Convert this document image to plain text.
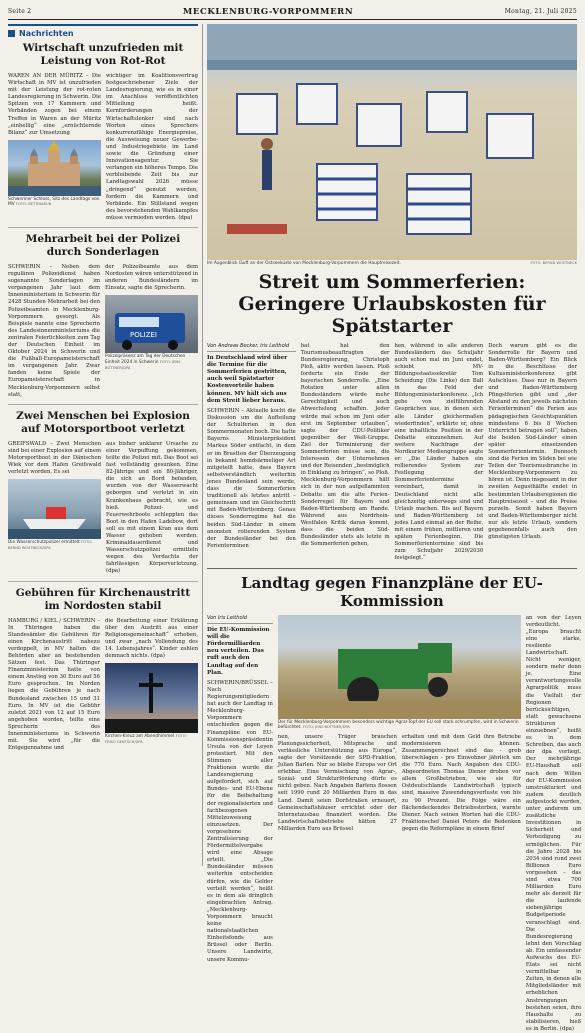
Seite 2	MECKLENBURG-VORPOMMERN	Montag, 21. Juli 2025
Nachrichten
Wirtschaft unzufrieden mit Leistung von Rot-Rot

WAREN AN DER MÜRITZ – Die Wirtschaft in MV ist unzufrieden mit der Leistung der rot-roten Landesregierung in Schwerin. Die Spitzen von 17 Kammern und Verbänden zogen bei einem Treffen in Waren an der Müritz „einhellig“ eine „ernüchternde Bilanz“ zur Umsetzung

Schweriner Schloss, Sitz des Landtags von MV FOTO: BETTINABUN

wichtiger im Koalitionsvertrag festgeschriebener Ziele der Landesregierung, wie es in einer im Anschluss veröffentlichten Mitteilung heißt. Kernforderungen der Wirtschaftslenker sind nach Worten eines Sprechers konkurrenzfähige Energiepreise, die Ausweisung neuer Gewerbe- und Industriegebiete im Land sowie die Gründung einer Innovationsagentur. Sie verlangen ein höheres Tempo. Die verbleibende Zeit bis zur Landtagswahl 2026 müsse „dringend“ genutzt werden, fordern die Kammern und Verbände. Ein Stillstand wegen des bevorstehenden Wahlkampfes müsse vermieden werden. (dpa)

Mehrarbeit bei der Polizei durch Sonderlagen

SCHWERIN – Neben dem regulären Polizeidienst haben sogenannte Sonderlagen im vergangenen Jahr laut dem Innenministerium in Schwerin für 2428 Stunden Mehrarbeit bei den Polizeibeamten in Mecklenburg-Vorpommern gesorgt. Als Beispiele nannte eine Sprecherin des Landesinnenministeriums die zentralen Feierlichkeiten zum Tag der Deutschen Einheit im Oktober 2024 in Schwerin und die Fußball-Europameisterschaft im vergangenen Jahr. Zwar fanden keine Spiele der Europameisterschaft in Mecklenburg-Vorpommern selbst statt,

der Polizeibeamte aus dem Nordosten wären unterstützend in anderen Bundesländern im Einsatz, sagte die Sprecherin.

POLIZEI
Polizeipräsenz am Tag der Deutschen Einheit 2024 in Schwerin FOTO: JENS BÜTTNER/DPA
Zwei Menschen bei Explosion auf Motorsportboot verletzt

GREIFSWALD – Zwei Menschen sind bei einer Explosion auf einem Motorsportboot in der Dänischen Wiek vor dem Hafen Greifswald verletzt worden. Es sei

Die Wasserschutzpolizei ermittelt FOTO: BERND WÜSTNECK/DPA

aus bisher unklarer Ursache zu einer Verpuffung gekommen, teilte die Polizei mit. Das Boot sei fast vollständig gesunken. Eine 82-Jährige und ein 80-Jähriger, die sich an Bord befanden, wurden von der Wasserwacht geborgen und verletzt in ein Krankenhaus gebracht, wie es hieß. Polizei- und Feuerwehrboote schleppten das Boot in den Hafen Ladebow, dort soll es mit einem Kran aus dem Wasser gehoben werden. Kriminaldauerdienst und Wasserschutzpolizei ermitteln wegen des Verdachts der fahrlässigen Körperverletzung. (dpa)

Gebühren für Kirchenaustritt im Nordosten stabil

HAMBURG / KIEL / SCHWERIN – In Thüringen haben die Standesämter die Gebühren für einen Kirchenaustritt nahezu verdoppelt, in MV halten die Behörden aber an bestehenden Sätzen fest. Das Thüringer Finanzministerium hatte von einem Anstieg von 30 Euro auf 56 Euro gesprochen. Im Norden liegen die Gebühren je nach Bundesland zwischen 15 und 31 Euro. In MV ist die Gebühr zuletzt 2021 von 12 auf 15 Euro angehoben worden, teilte eine Sprecherin des Innenministeriums in Schwerin mit. Sie wird „für die Entgegennahme und

die Bearbeitung einer Erklärung über den Austritt aus einer Religionsgemeinschaft“ erhoben, und zwar „nach Vollendung des 14. Lebensjahres“. Kinder zahlen demnach nichts. (dpa)

Kirchen-Kreuz am Abendhimmel FOTO: FRISO GENTSCH/DPA
Im Augenblick läuft an der Ostseeküste von Mecklenburg-Vorpommern die Hauptreisezeit.	FOTO: BERND WÜSTNECK
Streit um Sommerferien: Geringere Urlaubskosten für Spätstarter
Von Andreas Becker, Iris Leithold

In Deutschland wird über die Termine für die Sommerferien gestritten, auch weil Spätstarter Kostenvorteile haben können. MV hält sich aus dem Streit lieber heraus.

SCHWERIN – Aktuelle kocht die Diskussion um die Aufteilung der Schulferien in den Sommermonaten hoch. Die hatte Bayerns Ministerpräsident Markus Söder entfacht, in dem er im Brustton der Überzeugung in bekannt hemdsärmeliger Art mitgeteilt hatte, dass Bayern selbstverständlich weiterhin jenes Bundesland sein werde, dass die Sommerferien traditionell als letztes antritt – gemeinsam und im Gleichschritt mit Baden-Württemberg. Genau dieses Sonderregime hat die beiden Süd-Länder in einem anonsten rotierenden System der Bundesländer bei den Ferienterminen

hat hat den Tourismusbeauftragten der Bundesregierung, Christoph Ploß, aktiv werden lassen. Ploß forderte ein Ende der bayerischen Sonderrolle. „Eine Rotation unter allen Bundesländern würde mehr Gerechtigkeit und auch Abwechslung schaffen. Jeder würde mal schon im Juni oder erst im September urlauben“, sagte der CDU-Politiker gegenüber der Welt-Gruppe. Ziel der Terminierung der Sommerferien müsse sein, die Interessen der Unternehmen und der Reisenden „bestmöglich in Einklang zu bringen“, so Ploß. Mecklenburg-Vorpommern hält sich in der nun aufgeflammten Debatte um die alte Ferien-Sonderregel für Bayern und Baden-Württemberg am Rande. Während aus Nordrhein-Westfalen Kritik daran kommt, dass die beiden Süd-Bundesländer stets als letzte in die Sommerferien gehen,

hen, während in alle anderen Bundesländern das Schuljahr auch schon mal im Juni endet, schiebt MV-Bildungsstaatssekretär Tom Scheidung (Die Linke) den Ball in das Feld der Bildungsministerkonferenz. „Ich gehe von zielführenden Gesprächen aus, in denen sich alle Länder gleichermaßen wiederfinden“, erklärte er, ohne eine inhaltliche Position in der Debatte einzunehmen. Auf weitere Nachfrage der Nordkurier Mediengruppe sagte er: „Die Länder haben ein rollierendes System zur Festlegung der Sommerferientermine vereinbart, damit in Deutschland nicht alle gleichzeitig unterwegs sind und Urlaub machen. Bis auf Bayern und Baden-Württemberg ist jedes Land einmal an der Reihe, mit einem frühen, mittleren und späten Ferienbeginn. Die Sommerferientermine sind bis zum Schuljahr 2029/2030 festgelegt.“

Doch warum gibt es die Sonderrolle für Bayern und Baden-Württemberg? Ein Blick in die Beschlüsse der Kultusministerkonferenz gibt Aufschluss. Dass nur in Bayern und Baden-Württemberg Pfingstferien gibt und „der Abstand zu den jeweils nächsten Ferienterminen“ die Ferien aus pädagogischen Gesichtspunkten mindestens 6 bis 8 Wochen Unterricht betragen soll“, haben die beiden Süd-Länder einen später einsetzenden Sommerferientermin. Dennoch sind die Ferien im Süden bei wie Teilen der Tourismusbranche in Mecklenburg-Vorpommern zu hören ist. Denn insgesamt in der zweiten Augusthälfte endet in bestimmten Urlaubsregionen die Hauptreisezeit – und die Preise purzeln. Somit haben Bayern und Baden-Württemberger nicht nur als letzte Urlaub, sondern gegebenenfalls auch den günstigsten Urlaub.

Landtag gegen Finanzpläne der EU-Kommission
Von Iris Leithold

Die EU-Kommission will die Fördermilliarden neu verteilen. Das ruft auch den Landtag auf den Plan.

SCHWERIN/BRÜSSEL – Nach Regierungsmitgliedern hat auch der Landtag in Mecklenburg-Vorpommern entschieden gegen die Finanzpläne von EU-Kommissionspräsidentin Ursula von der Leyen protestiert. Mit den Stimmen aller Fraktionen wurde die Landesregierung aufgefordert, sich auf Bundes- und EU-Ebene für die Beibehaltung der regionalisierten und fachbezogenen Mittelzuweisung einzusetzen. Der vorgesehene Zentralisierung der Fördermittelvergabe wird eine Absage erteilt. „Die Bundesländer müssen weiterhin entscheiden dürfen, wie die Gelder verteilt werden“, heißt es in dem als dringlich eingebrachten Antrag. „Mecklenburg-Vorpommern braucht keine nationalstaatlichen Einheitsfonds aus Brüssel oder Berlin. Unsere Landwirte, unsere Kommu-

Der für Mecklenburg-Vorpommern besonders wichtige Agrar-Topf der EU soll stark schrumpfen, wird in Schwerin befürchtet. FOTO: JENS BÜTTNER/DPA

nen, unsere Träger brauchen Planungssicherheit, Mitsprache und verlässliche Unterstützung aus Europa“, sagte der Vorsitzende der SPD-Fraktion, Julian Barlen. Nur so bliebe Europa vor Ort erlebbar. Eine Vermischung von Agrar-, Sozial- und Strukturförderung dürfe es nicht geben. Nach Angaben Barlens flossen seit 1990 rund 20 Milliarden Euro in das Land. Damit seien Dorfstraßen erneuert, Gemeinschaftshäuser errichtet oder der Internetausbau finanziert worden. Die Landwirtschaftsbetriebe hätten 27 Milliarden Euro aus Brüssel

erhalten und mit dem Geld ihre Betriebe modernisieren können. Zusammengerechnet sind das - grob überschlagen - pro Einwohner jährlich um die 770 Euro. Nach Angaben des CDU-Abgeordneten Thomas Diener drohen vor allem Großbetrieben, wie sie für Ostdeutschlands Landwirtschaft typisch sind, massive Zuwendungsverluste von bis zu 90 Prozent. Die Folge wäre ein flächendeckendes Betriebssterben, warnte Diener. Nach seinen Worten hat die CDU-Fraktionschef Daniel Peters die Bedenken gegen die Reformpläne in einem Brief

an von der Leyen verdeutlicht. „Europa braucht eine starke, resiliente Landwirtschaft. Nicht weniger, sondern mehr denn je. Eine verantwortungsvolle Agrarpolitik muss die Vielfalt der Regionen berücksichtigen, statt gewachsene Strukturen einzuebnen“, heißt es in dem Schreiben, das auch der dpa vorliegt. Der mehrjährige EU-Haushalt soll nach dem Willen der EU-Kommission umstrukturiert und zudem deutlich aufgestockt werden, unter anderem um zusätzliche Investitionen in Sicherheit und Verteidigung zu ermöglichen. Für die Jahre 2028 bis 2034 sind rund zwei Billionen Euro vorgesehen – das sind etwa 700 Milliarden Euro mehr als derzeit für die laufende siebenjährige Budgetperiode veranschlagt sind. Die Bundesregierung lehnt den Vorschlag ab. Ein umfassender Aufwuchs des EU-Etats sei nicht vermittelbar in Zeiten, in denen alle Mitgliedsländer mit erheblichen Anstrengungen bestehen seien, ihre Haushalte zu stabilisieren, hieß es in Berlin. (dpa)
